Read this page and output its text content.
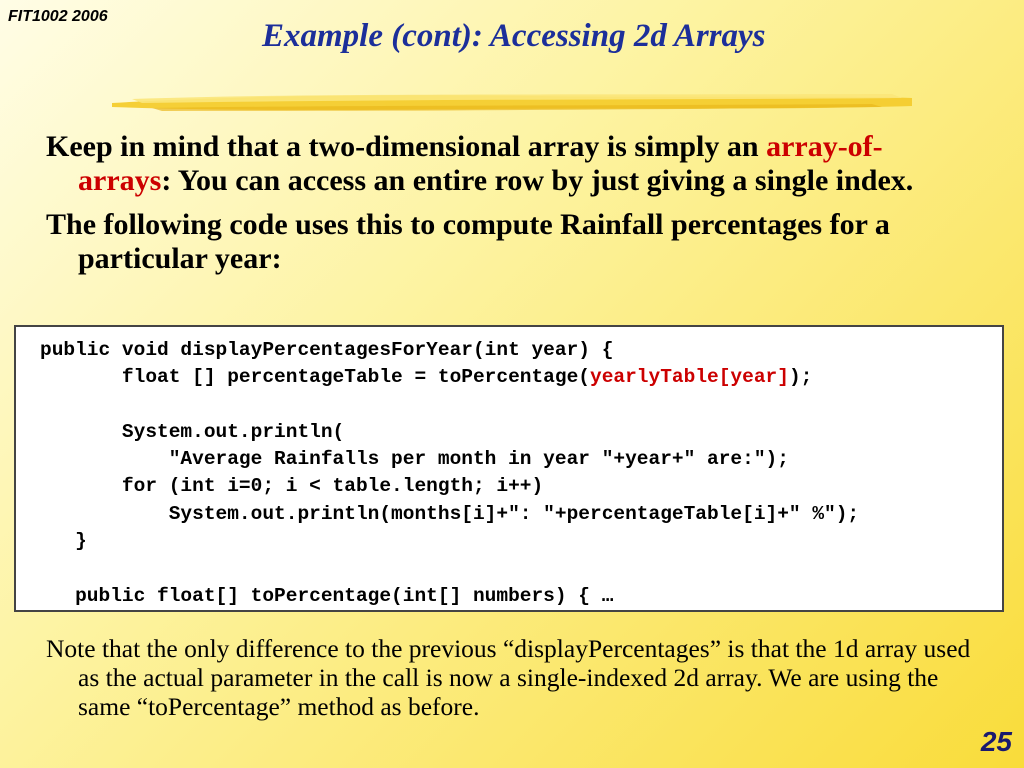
FIT1002 2006
Example (cont): Accessing 2d Arrays
Keep in mind that a two-dimensional array is simply an array-of-arrays: You can access an entire row by just giving a single index.
The following code uses this to compute Rainfall percentages for a particular year:
public void displayPercentagesForYear(int year) {
float [] percentageTable = toPercentage(yearlyTable[year]);

System.out.println(
"Average Rainfalls per month in year "+year+" are:");
for (int i=0; i < table.length; i++)
System.out.println(months[i]+": "+percentageTable[i]+" %");
}

public float[] toPercentage(int[] numbers) { …
Note that the only difference to the previous “displayPercentages” is that the 1d array used as the actual parameter in the call is now a single-indexed 2d array. We are using the same “toPercentage” method as before.
25
